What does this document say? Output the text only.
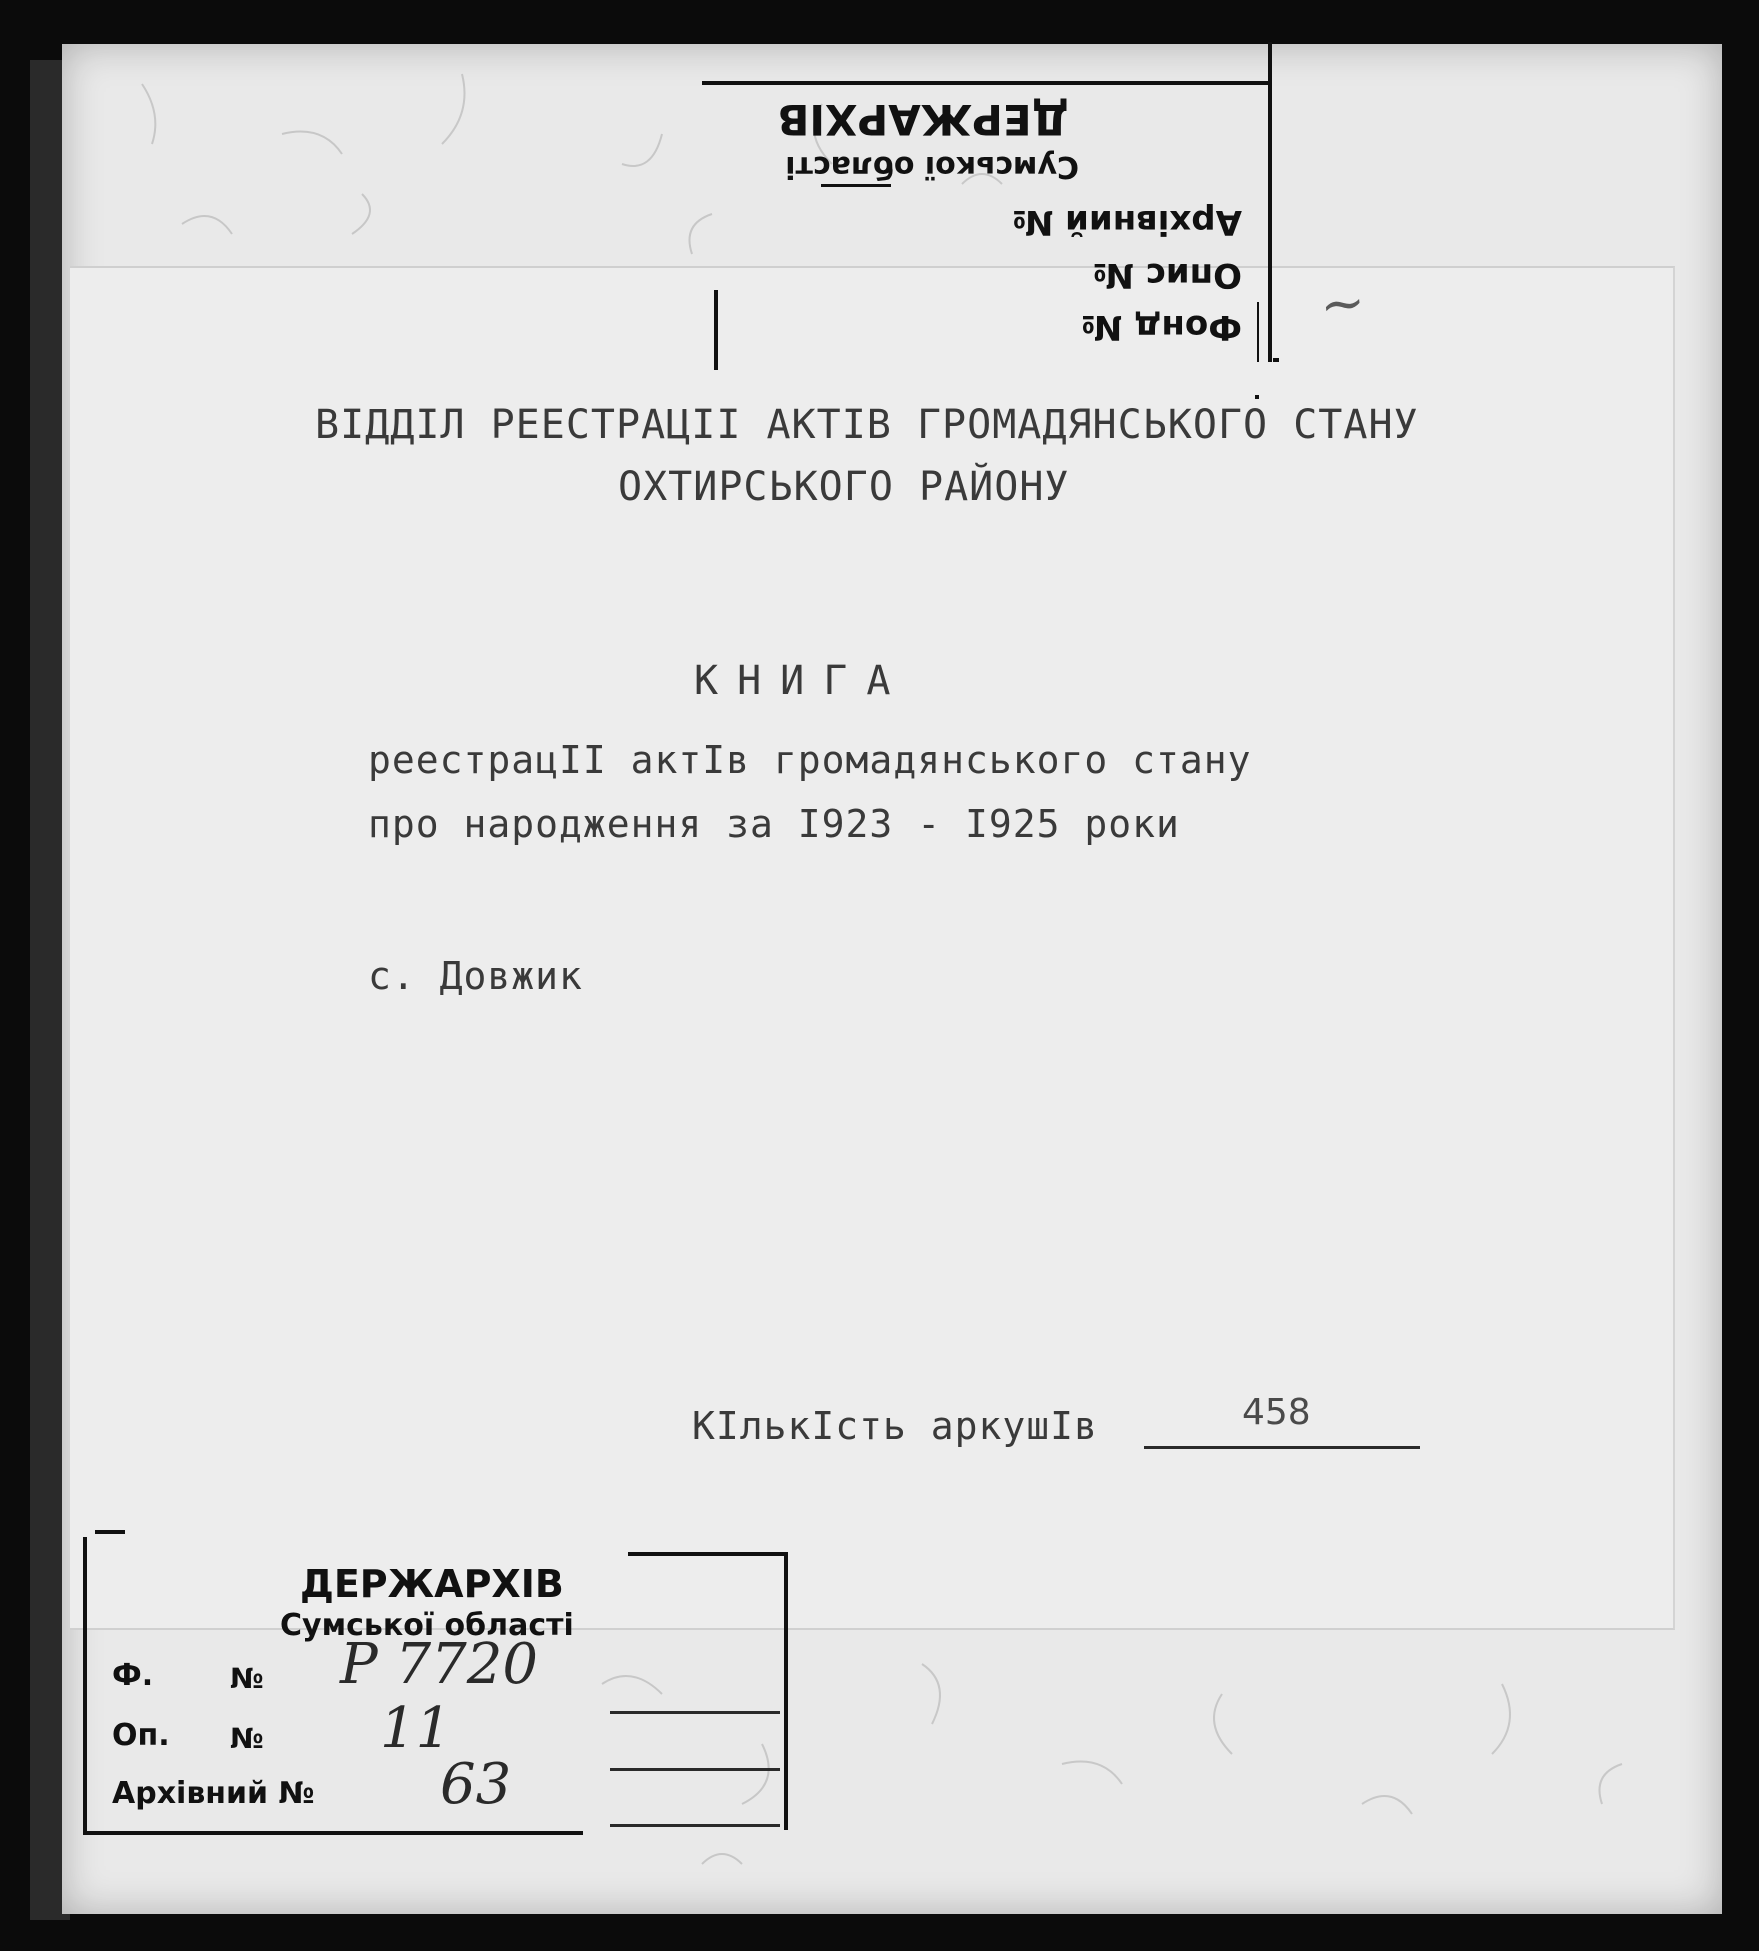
Фонд №
Опис №
Архівний №
ДЕРЖАРХІВ
Сумської області
~
ВІДДІЛ РЕЕСТРАЦІІ АКТІВ ГРОМАДЯНСЬКОГО СТАНУ
ОХТИРСЬКОГО РАЙОНУ
КНИГА
реестрацІІ актІв громадянського стану
про народження за І923 - І925 роки
с. Довжик
КІлькІсть аркушІв	458
ДЕРЖАРХІВ
Сумської області
Ф.	№ Р 7720
Оп. № 11
Архівний № 63
